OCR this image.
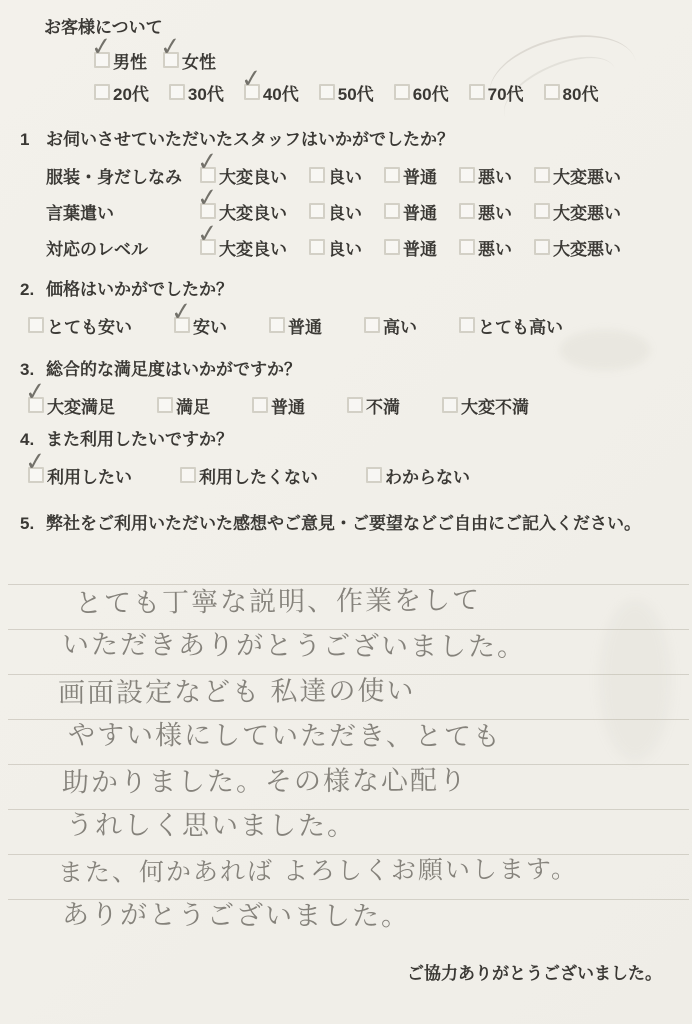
お客様について
✓
男性
✓
女性
20代 30代
✓
40代 50代 60代 70代 80代
1 お伺いさせていただいたスタッフはいかがでしたか？
服装・身だしなみ
✓
大変良い 良い 普通 悪い 大変悪い
言葉遣い
✓
大変良い 良い 普通 悪い 大変悪い
対応のレベル
✓
大変良い 良い 普通 悪い 大変悪い
2. 価格はいかがでしたか？
とても安い
✓
安い	普通	高い	とても高い
3. 総合的な満足度はいかがですか？
✓
大変満足	満足	普通	不満	大変不満
4. また利用したいですか？
✓
利用したい	利用したくない	わからない
5. 弊社をご利用いただいた感想やご意見・ご要望などご自由にご記入ください。
とても丁寧な説明、作業をして
いただきありがとうございました。
画面設定なども 私達の使い
やすい様にしていただき、とても
助かりました。その様な心配り
うれしく思いました。
また、何かあれば よろしくお願いします。
ありがとうございました。
ご協力ありがとうございました。
